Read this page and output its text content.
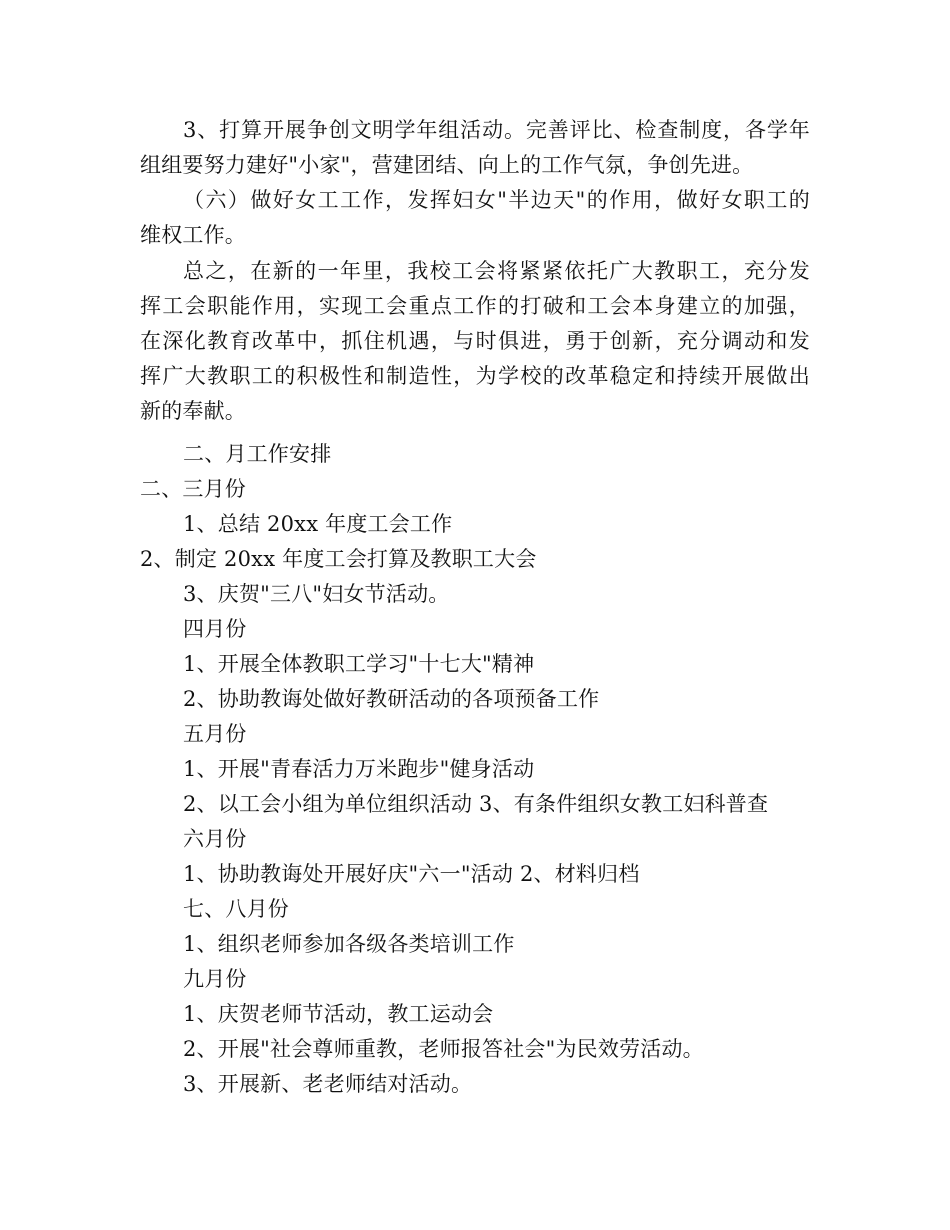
3、打算开展争创文明学年组活动。完善评比、检查制度，各学年
组组要努力建好"小家"，营建团结、向上的工作气氛，争创先进。
（六）做好女工工作，发挥妇女"半边天"的作用，做好女职工的
维权工作。
总之，在新的一年里，我校工会将紧紧依托广大教职工，充分发
挥工会职能作用，实现工会重点工作的打破和工会本身建立的加强，
在深化教育改革中，抓住机遇，与时俱进，勇于创新，充分调动和发
挥广大教职工的积极性和制造性，为学校的改革稳定和持续开展做出
新的奉献。
二、月工作安排
二、三月份
1、总结 20xx 年度工会工作
2、制定 20xx 年度工会打算及教职工大会
3、庆贺"三八"妇女节活动。
四月份
1、开展全体教职工学习"十七大"精神
2、协助教诲处做好教研活动的各项预备工作
五月份
1、开展"青春活力万米跑步"健身活动
2、以工会小组为单位组织活动 3、有条件组织女教工妇科普查
六月份
1、协助教诲处开展好庆"六一"活动 2、材料归档
七、八月份
1、组织老师参加各级各类培训工作
九月份
1、庆贺老师节活动，教工运动会
2、开展"社会尊师重教，老师报答社会"为民效劳活动。
3、开展新、老老师结对活动。
